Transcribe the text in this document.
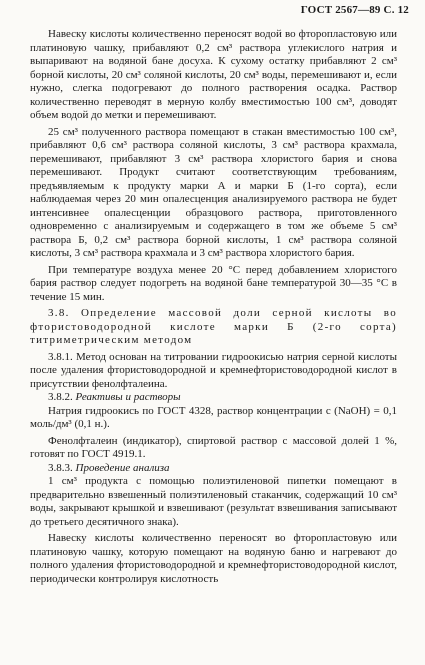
ГОСТ 2567—89 С. 12

Навеску кислоты количественно переносят водой во фторопластовую или платиновую чашку, прибавляют 0,2 см³ раствора углекислого натрия и выпаривают на водяной бане досуха. К сухому остатку прибавляют 2 см³ борной кислоты, 20 см³ соляной кислоты, 20 см³ воды, перемешивают и, если нужно, слегка подогревают до полного растворения осадка. Раствор количественно переводят в мерную колбу вместимостью 100 см³, доводят объем водой до метки и перемешивают.

25 см³ полученного раствора помещают в стакан вместимостью 100 см³, прибавляют 0,6 см³ раствора соляной кислоты, 3 см³ раствора крахмала, перемешивают, прибавляют 3 см³ раствора хлористого бария и снова перемешивают. Продукт считают соответствующим требованиям, предъявляемым к продукту марки А и марки Б (1-го сорта), если наблюдаемая через 20 мин опалесценция анализируемого раствора не будет интенсивнее опалесценции образцового раствора, приготовленного одновременно с анализируемым и содержащего в том же объеме 5 см³ раствора Б, 0,2 см³ раствора борной кислоты, 1 см³ раствора соляной кислоты, 3 см³ раствора крахмала и 3 см³ раствора хлористого бария.

При температуре воздуха менее 20 °С перед добавлением хлористого бария раствор следует подогреть на водяной бане температурой 30—35 °С в течение 15 мин.

3.8. Определение массовой доли серной кислоты во фтористоводородной кислоте марки Б (2-го сорта) титриметрическим методом

3.8.1. Метод основан на титровании гидроокисью натрия серной кислоты после удаления фтористоводородной и кремнефтористоводородной кислот в присутствии фенолфталеина.

3.8.2. Реактивы и растворы

Натрия гидроокись по ГОСТ 4328, раствор концентрации с (NaOH) = 0,1 моль/дм³ (0,1 н.).

Фенолфталеин (индикатор), спиртовой раствор с массовой долей 1 %, готовят по ГОСТ 4919.1.

3.8.3. Проведение анализа

1 см³ продукта с помощью полиэтиленовой пипетки помещают в предварительно взвешенный полиэтиленовый стаканчик, содержащий 10 см³ воды, закрывают крышкой и взвешивают (результат взвешивания записывают до третьего десятичного знака).

Навеску кислоты количественно переносят во фторопластовую или платиновую чашку, которую помещают на водяную баню и нагревают до полного удаления фтористоводородной и кремнефтористоводородной кислот, периодически контролируя кислотность
